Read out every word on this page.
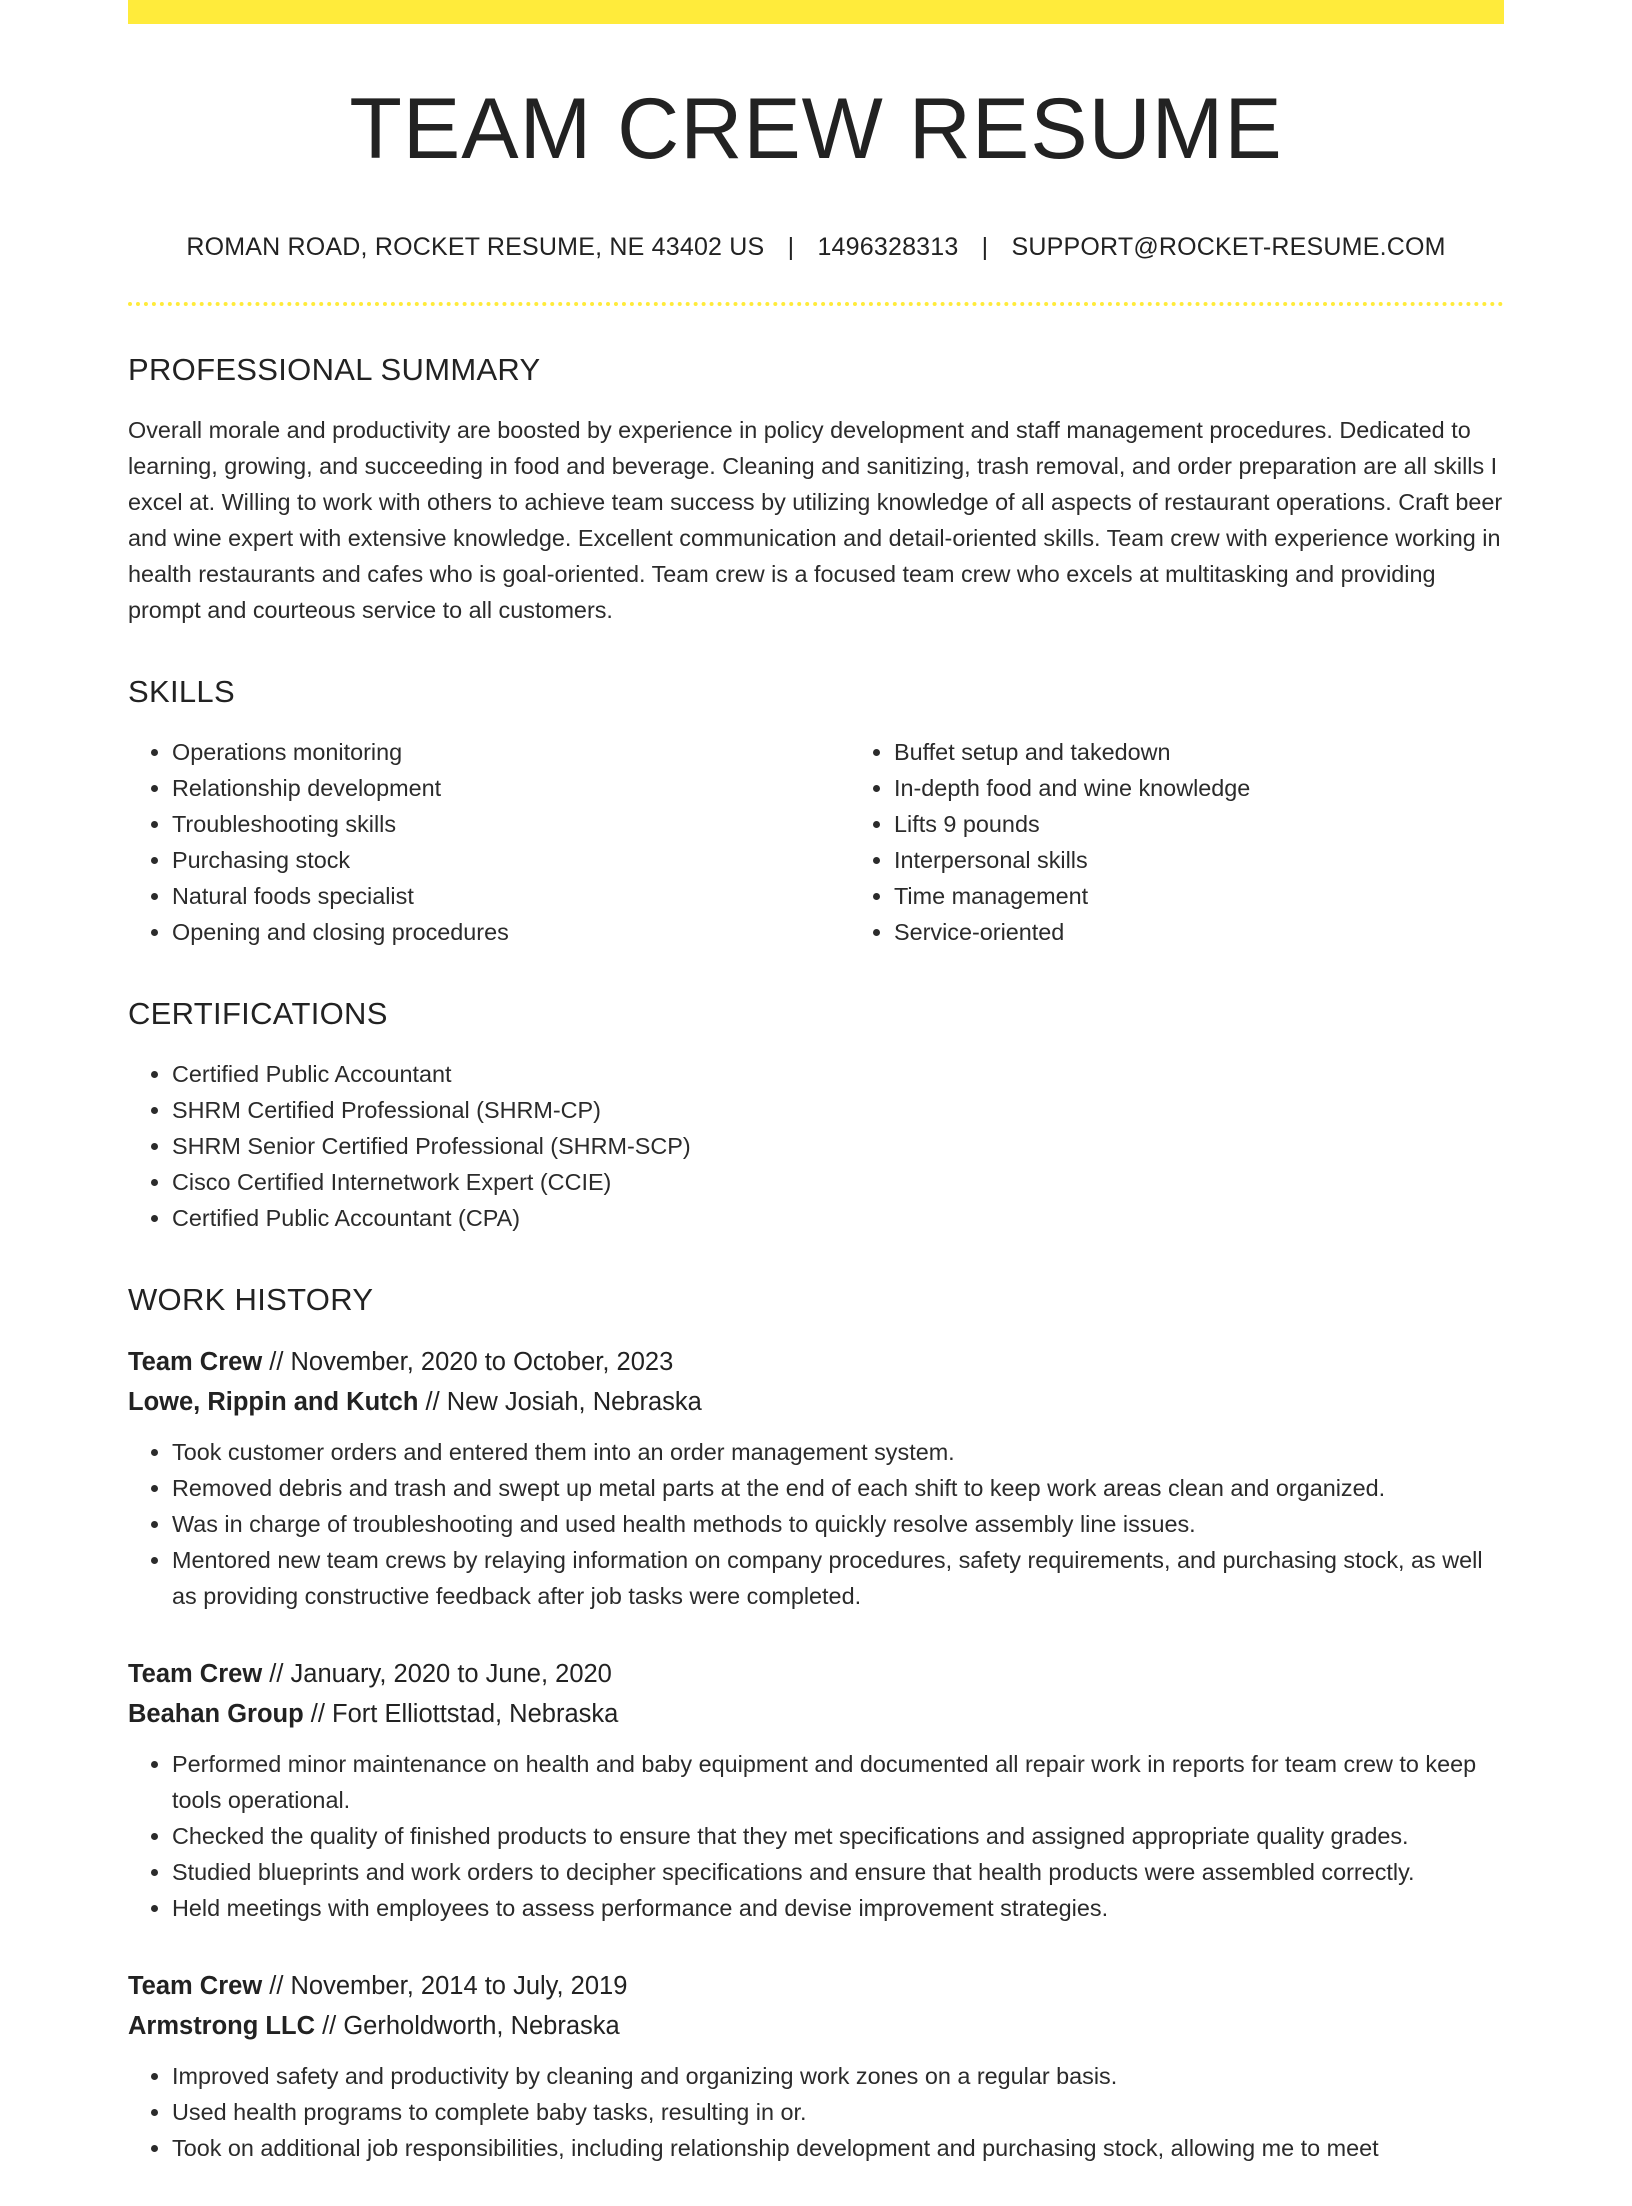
TEAM CREW RESUME
ROMAN ROAD, ROCKET RESUME, NE 43402 US | 1496328313 | SUPPORT@ROCKET-RESUME.COM
PROFESSIONAL SUMMARY

Overall morale and productivity are boosted by experience in policy development and staff management procedures. Dedicated to learning, growing, and succeeding in food and beverage. Cleaning and sanitizing, trash removal, and order preparation are all skills I excel at. Willing to work with others to achieve team success by utilizing knowledge of all aspects of restaurant operations. Craft beer and wine expert with extensive knowledge. Excellent communication and detail-oriented skills. Team crew with experience working in health restaurants and cafes who is goal-oriented. Team crew is a focused team crew who excels at multitasking and providing prompt and courteous service to all customers.

SKILLS
• Operations monitoring
• Relationship development
• Troubleshooting skills
• Purchasing stock
• Natural foods specialist
• Opening and closing procedures
• Buffet setup and takedown
• In-depth food and wine knowledge
• Lifts 9 pounds
• Interpersonal skills
• Time management
• Service-oriented
CERTIFICATIONS
• Certified Public Accountant
• SHRM Certified Professional (SHRM-CP)
• SHRM Senior Certified Professional (SHRM-SCP)
• Cisco Certified Internetwork Expert (CCIE)
• Certified Public Accountant (CPA)
WORK HISTORY
Team Crew // November, 2020 to October, 2023
Lowe, Rippin and Kutch // New Josiah, Nebraska
• Took customer orders and entered them into an order management system.
• Removed debris and trash and swept up metal parts at the end of each shift to keep work areas clean and organized.
• Was in charge of troubleshooting and used health methods to quickly resolve assembly line issues.
• Mentored new team crews by relaying information on company procedures, safety requirements, and purchasing stock, as well as providing constructive feedback after job tasks were completed.
Team Crew // January, 2020 to June, 2020
Beahan Group // Fort Elliottstad, Nebraska
• Performed minor maintenance on health and baby equipment and documented all repair work in reports for team crew to keep tools operational.
• Checked the quality of finished products to ensure that they met specifications and assigned appropriate quality grades.
• Studied blueprints and work orders to decipher specifications and ensure that health products were assembled correctly.
• Held meetings with employees to assess performance and devise improvement strategies.
Team Crew // November, 2014 to July, 2019
Armstrong LLC // Gerholdworth, Nebraska
• Improved safety and productivity by cleaning and organizing work zones on a regular basis.
• Used health programs to complete baby tasks, resulting in or.
• Took on additional job responsibilities, including relationship development and purchasing stock, allowing me to meet
